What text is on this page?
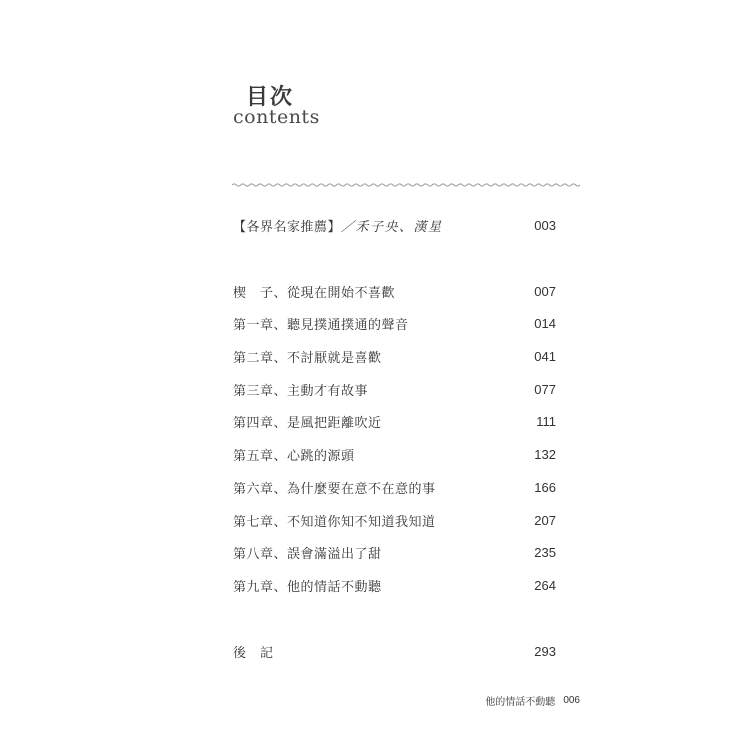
目次
contents
【各界名家推薦】／禾子央、漢星	003
楔　子、從現在開始不喜歡	007
第一章、聽見撲通撲通的聲音	014
第二章、不討厭就是喜歡	041
第三章、主動才有故事	077
第四章、是風把距離吹近	111
第五章、心跳的源頭	132
第六章、為什麼要在意不在意的事	166
第七章、不知道你知不知道我知道	207
第八章、誤會滿溢出了甜	235
第九章、他的情話不動聽	264
後　記	293
他的情話不動聽 006
